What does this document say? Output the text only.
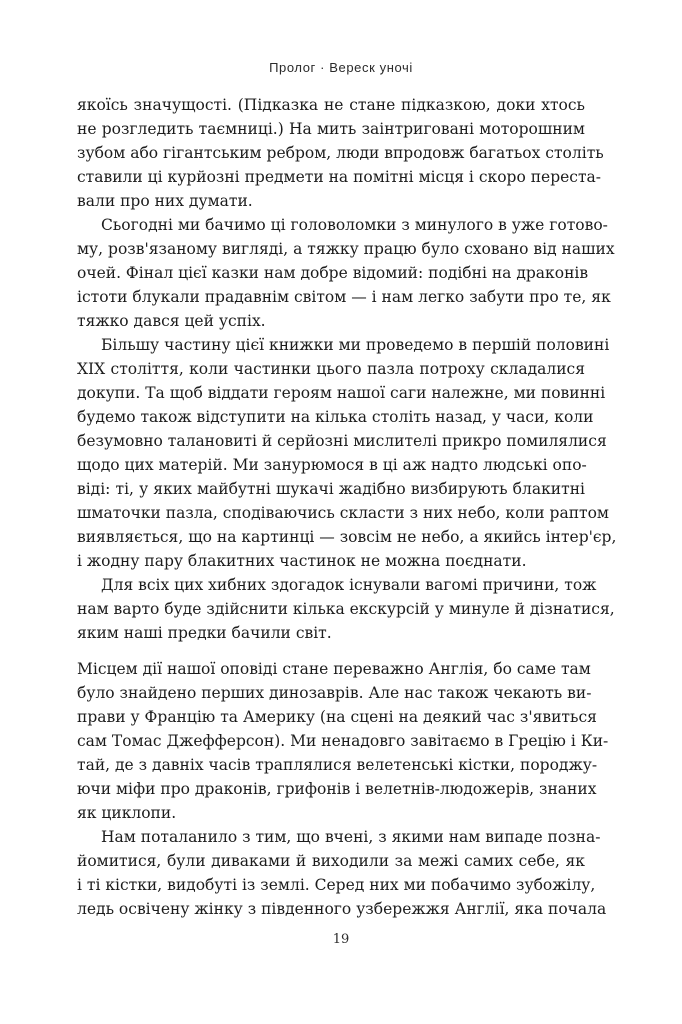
Пролог · Вереск уночі
якоїсь значущості. (Підказка не стане підказкою, доки хтось
не розгледить таємниці.) На мить заінтриговані моторошним
зубом або гігантським ребром, люди впродовж багатьох століть
ставили ці курйозні предмети на помітні місця і скоро переста-
вали про них думати.
Сьогодні ми бачимо ці головоломки з минулого в уже готово-
му, розв'язаному вигляді, а тяжку працю було сховано від наших
очей. Фінал цієї казки нам добре відомий: подібні на драконів
істоти блукали прадавнім світом — і нам легко забути про те, як
тяжко дався цей успіх.
Більшу частину цієї книжки ми проведемо в першій половині
XIX століття, коли частинки цього пазла потроху складалися
докупи. Та щоб віддати героям нашої саги належне, ми повинні
будемо також відступити на кілька століть назад, у часи, коли
безумовно талановиті й серйозні мислителі прикро помилялися
щодо цих матерій. Ми занурюмося в ці аж надто людські опо-
віді: ті, у яких майбутні шукачі жадібно визбирують блакитні
шматочки пазла, сподіваючись скласти з них небо, коли раптом
виявляється, що на картинці — зовсім не небо, а якийсь інтер'єр,
і жодну пару блакитних частинок не можна поєднати.
Для всіх цих хибних здогадок існували вагомі причини, тож
нам варто буде здійснити кілька екскурсій у минуле й дізнатися,
яким наші предки бачили світ.
Місцем дії нашої оповіді стане переважно Англія, бо саме там
було знайдено перших динозаврів. Але нас також чекають ви-
прави у Францію та Америку (на сцені на деякий час з'явиться
сам Томас Джефферсон). Ми ненадовго завітаємо в Грецію і Ки-
тай, де з давніх часів траплялися велетенські кістки, породжу-
ючи міфи про драконів, грифонів і велетнів-людожерів, знаних
як циклопи.
Нам поталанило з тим, що вчені, з якими нам випаде позна-
йомитися, були диваками й виходили за межі самих себе, як
і ті кістки, видобуті із землі. Серед них ми побачимо зубожілу,
ледь освічену жінку з південного узбережжя Англії, яка почала
19
